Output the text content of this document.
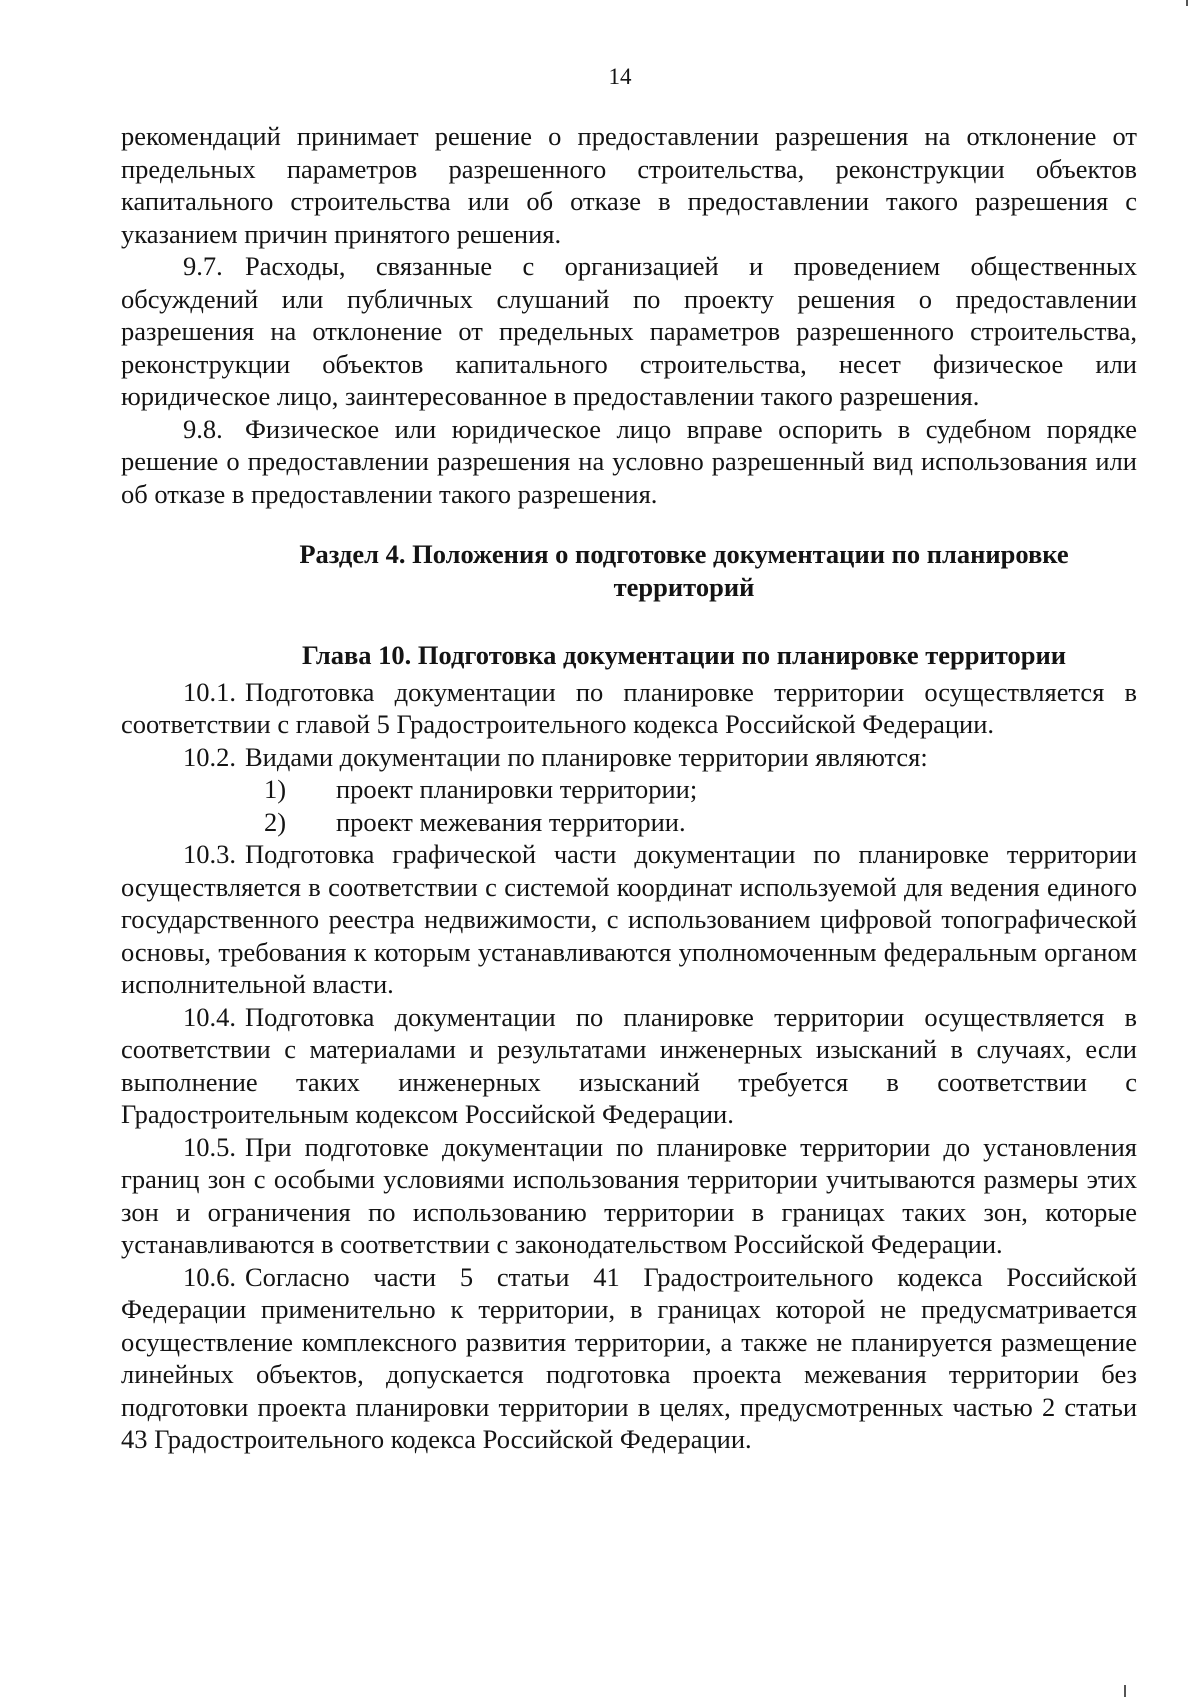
14

рекомендаций принимает решение о предоставлении разрешения на отклонение от предельных параметров разрешенного строительства, реконструкции объектов капитального строительства или об отказе в предоставлении такого разрешения с указанием причин принятого решения.

9.7. Расходы, связанные с организацией и проведением общественных обсуждений или публичных слушаний по проекту решения о предоставлении разрешения на отклонение от предельных параметров разрешенного строительства, реконструкции объектов капитального строительства, несет физическое или юридическое лицо, заинтересованное в предоставлении такого разрешения.

9.8. Физическое или юридическое лицо вправе оспорить в судебном порядке решение о предоставлении разрешения на условно разрешенный вид использования или об отказе в предоставлении такого разрешения.

Раздел 4. Положения о подготовке документации по планировке
территорий
Глава 10. Подготовка документации по планировке территории

10.1. Подготовка документации по планировке территории осуществляется в соответствии с главой 5 Градостроительного кодекса Российской Федерации.

10.2. Видами документации по планировке территории являются:

1) проект планировки территории;

2) проект межевания территории.

10.3. Подготовка графической части документации по планировке территории осуществляется в соответствии с системой координат используемой для ведения единого государственного реестра недвижимости, с использованием цифровой топографической основы, требования к которым устанавливаются уполномоченным федеральным органом исполнительной власти.

10.4. Подготовка документации по планировке территории осуществляется в соответствии с материалами и результатами инженерных изысканий в случаях, если выполнение таких инженерных изысканий требуется в соответствии с Градостроительным кодексом Российской Федерации.

10.5. При подготовке документации по планировке территории до установления границ зон с особыми условиями использования территории учитываются размеры этих зон и ограничения по использованию территории в границах таких зон, которые устанавливаются в соответствии с законодательством Российской Федерации.

10.6. Согласно части 5 статьи 41 Градостроительного кодекса Российской Федерации применительно к территории, в границах которой не предусматривается осуществление комплексного развития территории, а также не планируется размещение линейных объектов, допускается подготовка проекта межевания территории без подготовки проекта планировки территории в целях, предусмотренных частью 2 статьи 43 Градостроительного кодекса Российской Федерации.
